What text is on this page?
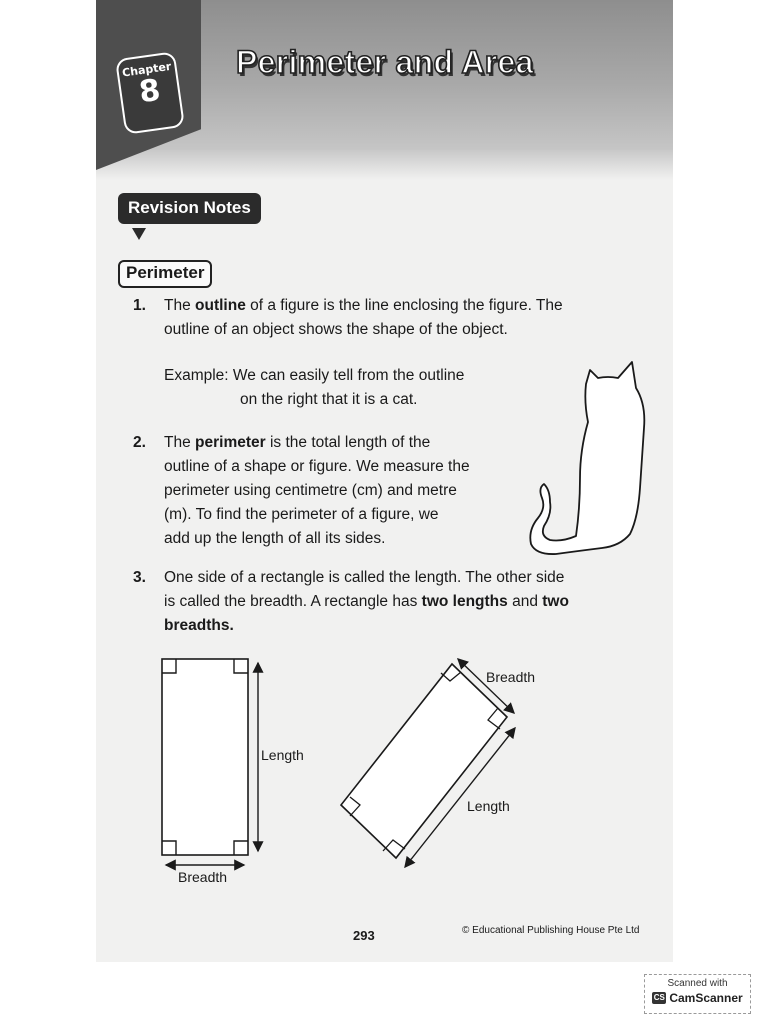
Chapter
8
Perimeter and Area
Revision Notes
Perimeter
1. The outline of a figure is the line enclosing the figure. The
outline of an object shows the shape of the object.
Example: We can easily tell from the outline
on the right that it is a cat.
2. The perimeter is the total length of the
outline of a shape or figure. We measure the
perimeter using centimetre (cm) and metre
(m). To find the perimeter of a figure, we
add up the length of all its sides.
3. One side of a rectangle is called the length. The other side
is called the breadth. A rectangle has two lengths and two
breadths.
Length
Breadth
Breadth
Length
293	© Educational Publishing House Pte Ltd
Scanned with
CS CamScanner
